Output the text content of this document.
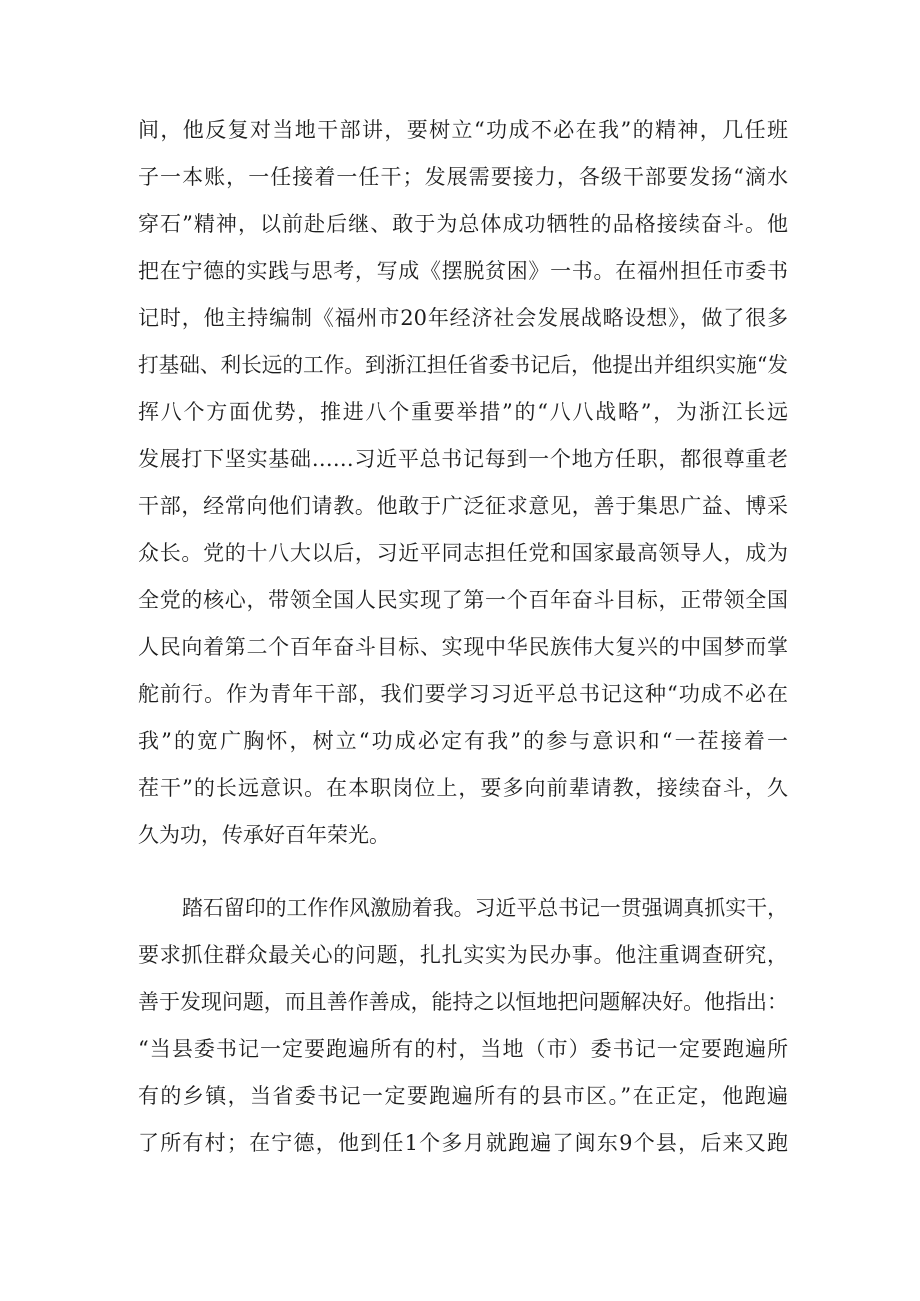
间，他反复对当地干部讲，要树立“功成不必在我”的精神，几任班
子一本账，一任接着一任干；发展需要接力，各级干部要发扬“滴水
穿石”精神，以前赴后继、敢于为总体成功牺牲的品格接续奋斗。他
把在宁德的实践与思考，写成《摆脱贫困》一书。在福州担任市委书
记时，他主持编制《福州市20年经济社会发展战略设想》，做了很多
打基础、利长远的工作。到浙江担任省委书记后，他提出并组织实施“发
挥八个方面优势，推进八个重要举措”的“八八战略”，为浙江长远
发展打下坚实基础……习近平总书记每到一个地方任职，都很尊重老
干部，经常向他们请教。他敢于广泛征求意见，善于集思广益、博采
众长。党的十八大以后，习近平同志担任党和国家最高领导人，成为
全党的核心，带领全国人民实现了第一个百年奋斗目标，正带领全国
人民向着第二个百年奋斗目标、实现中华民族伟大复兴的中国梦而掌
舵前行。作为青年干部，我们要学习习近平总书记这种“功成不必在
我”的宽广胸怀，树立“功成必定有我”的参与意识和“一茬接着一
茬干”的长远意识。在本职岗位上，要多向前辈请教，接续奋斗，久
久为功，传承好百年荣光。
踏石留印的工作作风激励着我。习近平总书记一贯强调真抓实干，
要求抓住群众最关心的问题，扎扎实实为民办事。他注重调查研究，
善于发现问题，而且善作善成，能持之以恒地把问题解决好。他指出：
“当县委书记一定要跑遍所有的村，当地（市）委书记一定要跑遍所
有的乡镇，当省委书记一定要跑遍所有的县市区。”在正定，他跑遍
了所有村；在宁德，他到任1个多月就跑遍了闽东9个县，后来又跑
